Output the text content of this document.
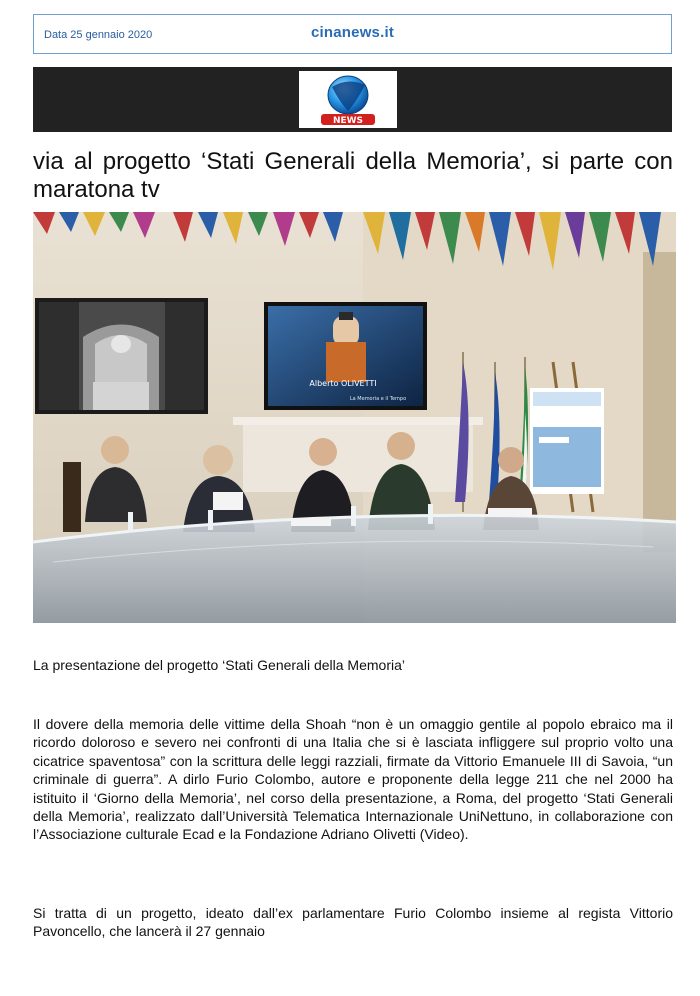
Data 25 gennaio 2020	cinanews.it
NEWS
via al progetto ‘Stati Generali della Memoria’, si parte con maratona tv
Alberto OLIVETTI
La Memoria e il Tempo
La presentazione del progetto ‘Stati Generali della Memoria’

Il dovere della memoria delle vittime della Shoah “non è un omaggio gentile al popolo ebraico ma il ricordo doloroso e severo nei confronti di una Italia che si è lasciata infliggere sul proprio volto una cicatrice spaventosa” con la scrittura delle leggi razziali, firmate da Vittorio Emanuele III di Savoia, “un criminale di guerra”. A dirlo Furio Colombo, autore e proponente della legge 211 che nel 2000 ha istituito il ‘Giorno della Memoria’, nel corso della presentazione, a Roma, del progetto ‘Stati Generali della Memoria’, realizzato dall’Università Telematica Internazionale UniNettuno, in collaborazione con l’Associazione culturale Ecad e la Fondazione Adriano Olivetti (Video).

Si tratta di un progetto, ideato dall’ex parlamentare Furio Colombo insieme al regista Vittorio Pavoncello, che lancerà il 27 gennaio
